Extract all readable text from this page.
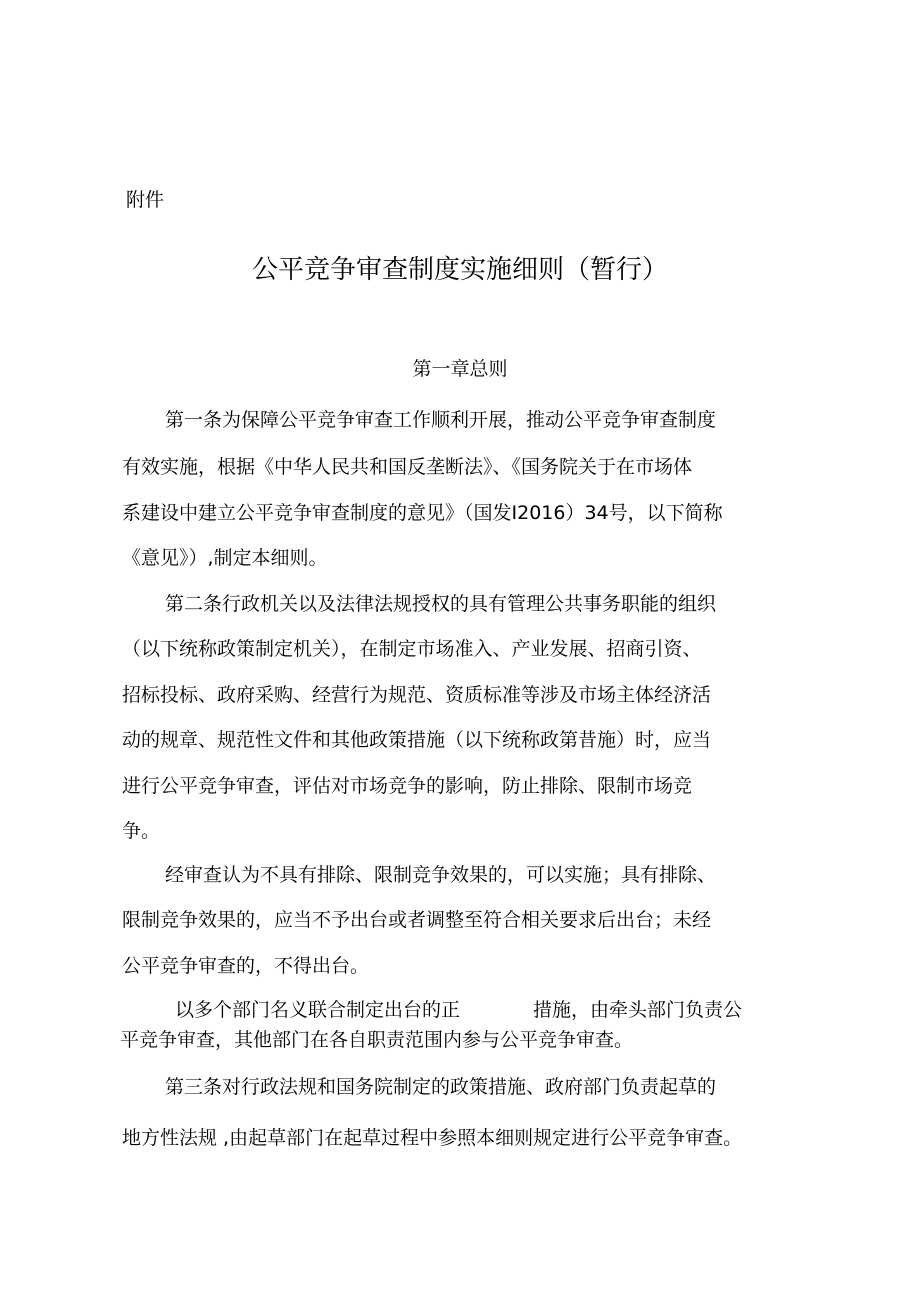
附件
公平竞争审查制度实施细则（暂行）
第一章总则
第一条为保障公平竞争审查工作顺利开展，推动公平竞争审查制度
有效实施，根据《中华人民共和国反垄断法》、《国务院关于在市场体
系建设中建立公平竞争审查制度的意见》（国发I2016）34号，以下简称
《意见》）,制定本细则。
第二条行政机关以及法律法规授权的具有管理公共事务职能的组织
（以下统称政策制定机关），在制定市场准入、产业发展、招商引资、
招标投标、政府采购、经营行为规范、资质标准等涉及市场主体经济活
动的规章、规范性文件和其他政策措施（以下统称政第昔施）时，应当
进行公平竞争审查，评估对市场竞争的影响，防止排除、限制市场竞
争。
经审查认为不具有排除、限制竞争效果的，可以实施；具有排除、
限制竞争效果的，应当不予出台或者调整至符合相关要求后出台；未经
公平竞争审查的，不得出台。
以多个部门名义联合制定出台的正	措施，由牵头部门负责公
平竞争审查，其他部门在各自职责范围内参与公平竞争审查。
第三条对行政法规和国务院制定的政策措施、政府部门负责起草的
地方性法规 ,由起草部门在起草过程中参照本细则规定进行公平竞争审查。
